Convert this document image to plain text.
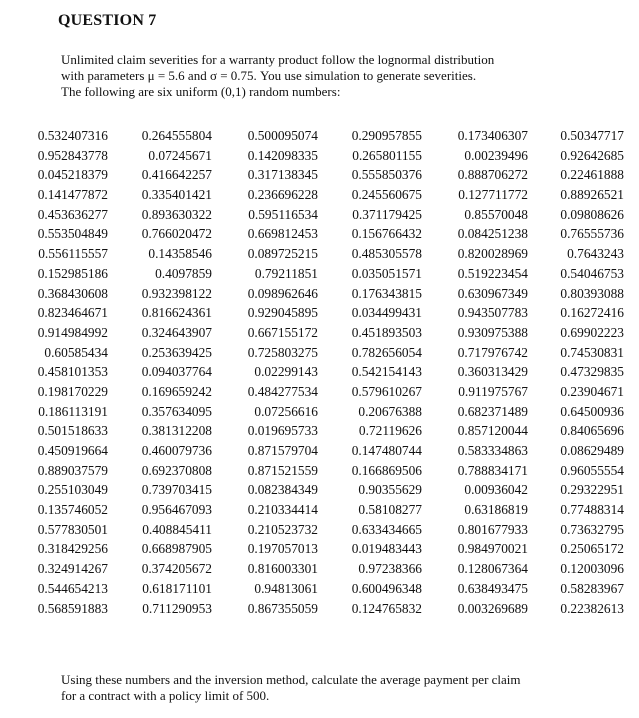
QUESTION 7

Unlimited claim severities for a warranty product follow the lognormal distribution

with parameters μ = 5.6 and σ = 0.75. You use simulation to generate severities.

The following are six uniform (0,1) random numbers:

0.532407316	0.264555804	0.500095074	0.290957855	0.173406307	0.50347717
0.952843778	0.07245671	0.142098335	0.265801155	0.00239496	0.92642685
0.045218379	0.416642257	0.317138345	0.555850376	0.888706272	0.22461888
0.141477872	0.335401421	0.236696228	0.245560675	0.127711772	0.88926521
0.453636277	0.893630322	0.595116534	0.371179425	0.85570048	0.09808626
0.553504849	0.766020472	0.669812453	0.156766432	0.084251238	0.76555736
0.556115557	0.14358546	0.089725215	0.485305578	0.820028969	0.7643243
0.152985186	0.4097859	0.79211851	0.035051571	0.519223454	0.54046753
0.368430608	0.932398122	0.098962646	0.176343815	0.630967349	0.80393088
0.823464671	0.816624361	0.929045895	0.034499431	0.943507783	0.16272416
0.914984992	0.324643907	0.667155172	0.451893503	0.930975388	0.69902223
0.60585434	0.253639425	0.725803275	0.782656054	0.717976742	0.74530831
0.458101353	0.094037764	0.02299143	0.542154143	0.360313429	0.47329835
0.198170229	0.169659242	0.484277534	0.579610267	0.911975767	0.23904671
0.186113191	0.357634095	0.07256616	0.20676388	0.682371489	0.64500936
0.501518633	0.381312208	0.019695733	0.72119626	0.857120044	0.84065696
0.450919664	0.460079736	0.871579704	0.147480744	0.583334863	0.08629489
0.889037579	0.692370808	0.871521559	0.166869506	0.788834171	0.96055554
0.255103049	0.739703415	0.082384349	0.90355629	0.00936042	0.29322951
0.135746052	0.956467093	0.210334414	0.58108277	0.63186819	0.77488314
0.577830501	0.408845411	0.210523732	0.633434665	0.801677933	0.73632795
0.318429256	0.668987905	0.197057013	0.019483443	0.984970021	0.25065172
0.324914267	0.374205672	0.816003301	0.97238366	0.128067364	0.12003096
0.544654213	0.618171101	0.94813061	0.600496348	0.638493475	0.58283967
0.568591883	0.711290953	0.867355059	0.124765832	0.003269689	0.22382613

Using these numbers and the inversion method, calculate the average payment per claim

for a contract with a policy limit of 500.
